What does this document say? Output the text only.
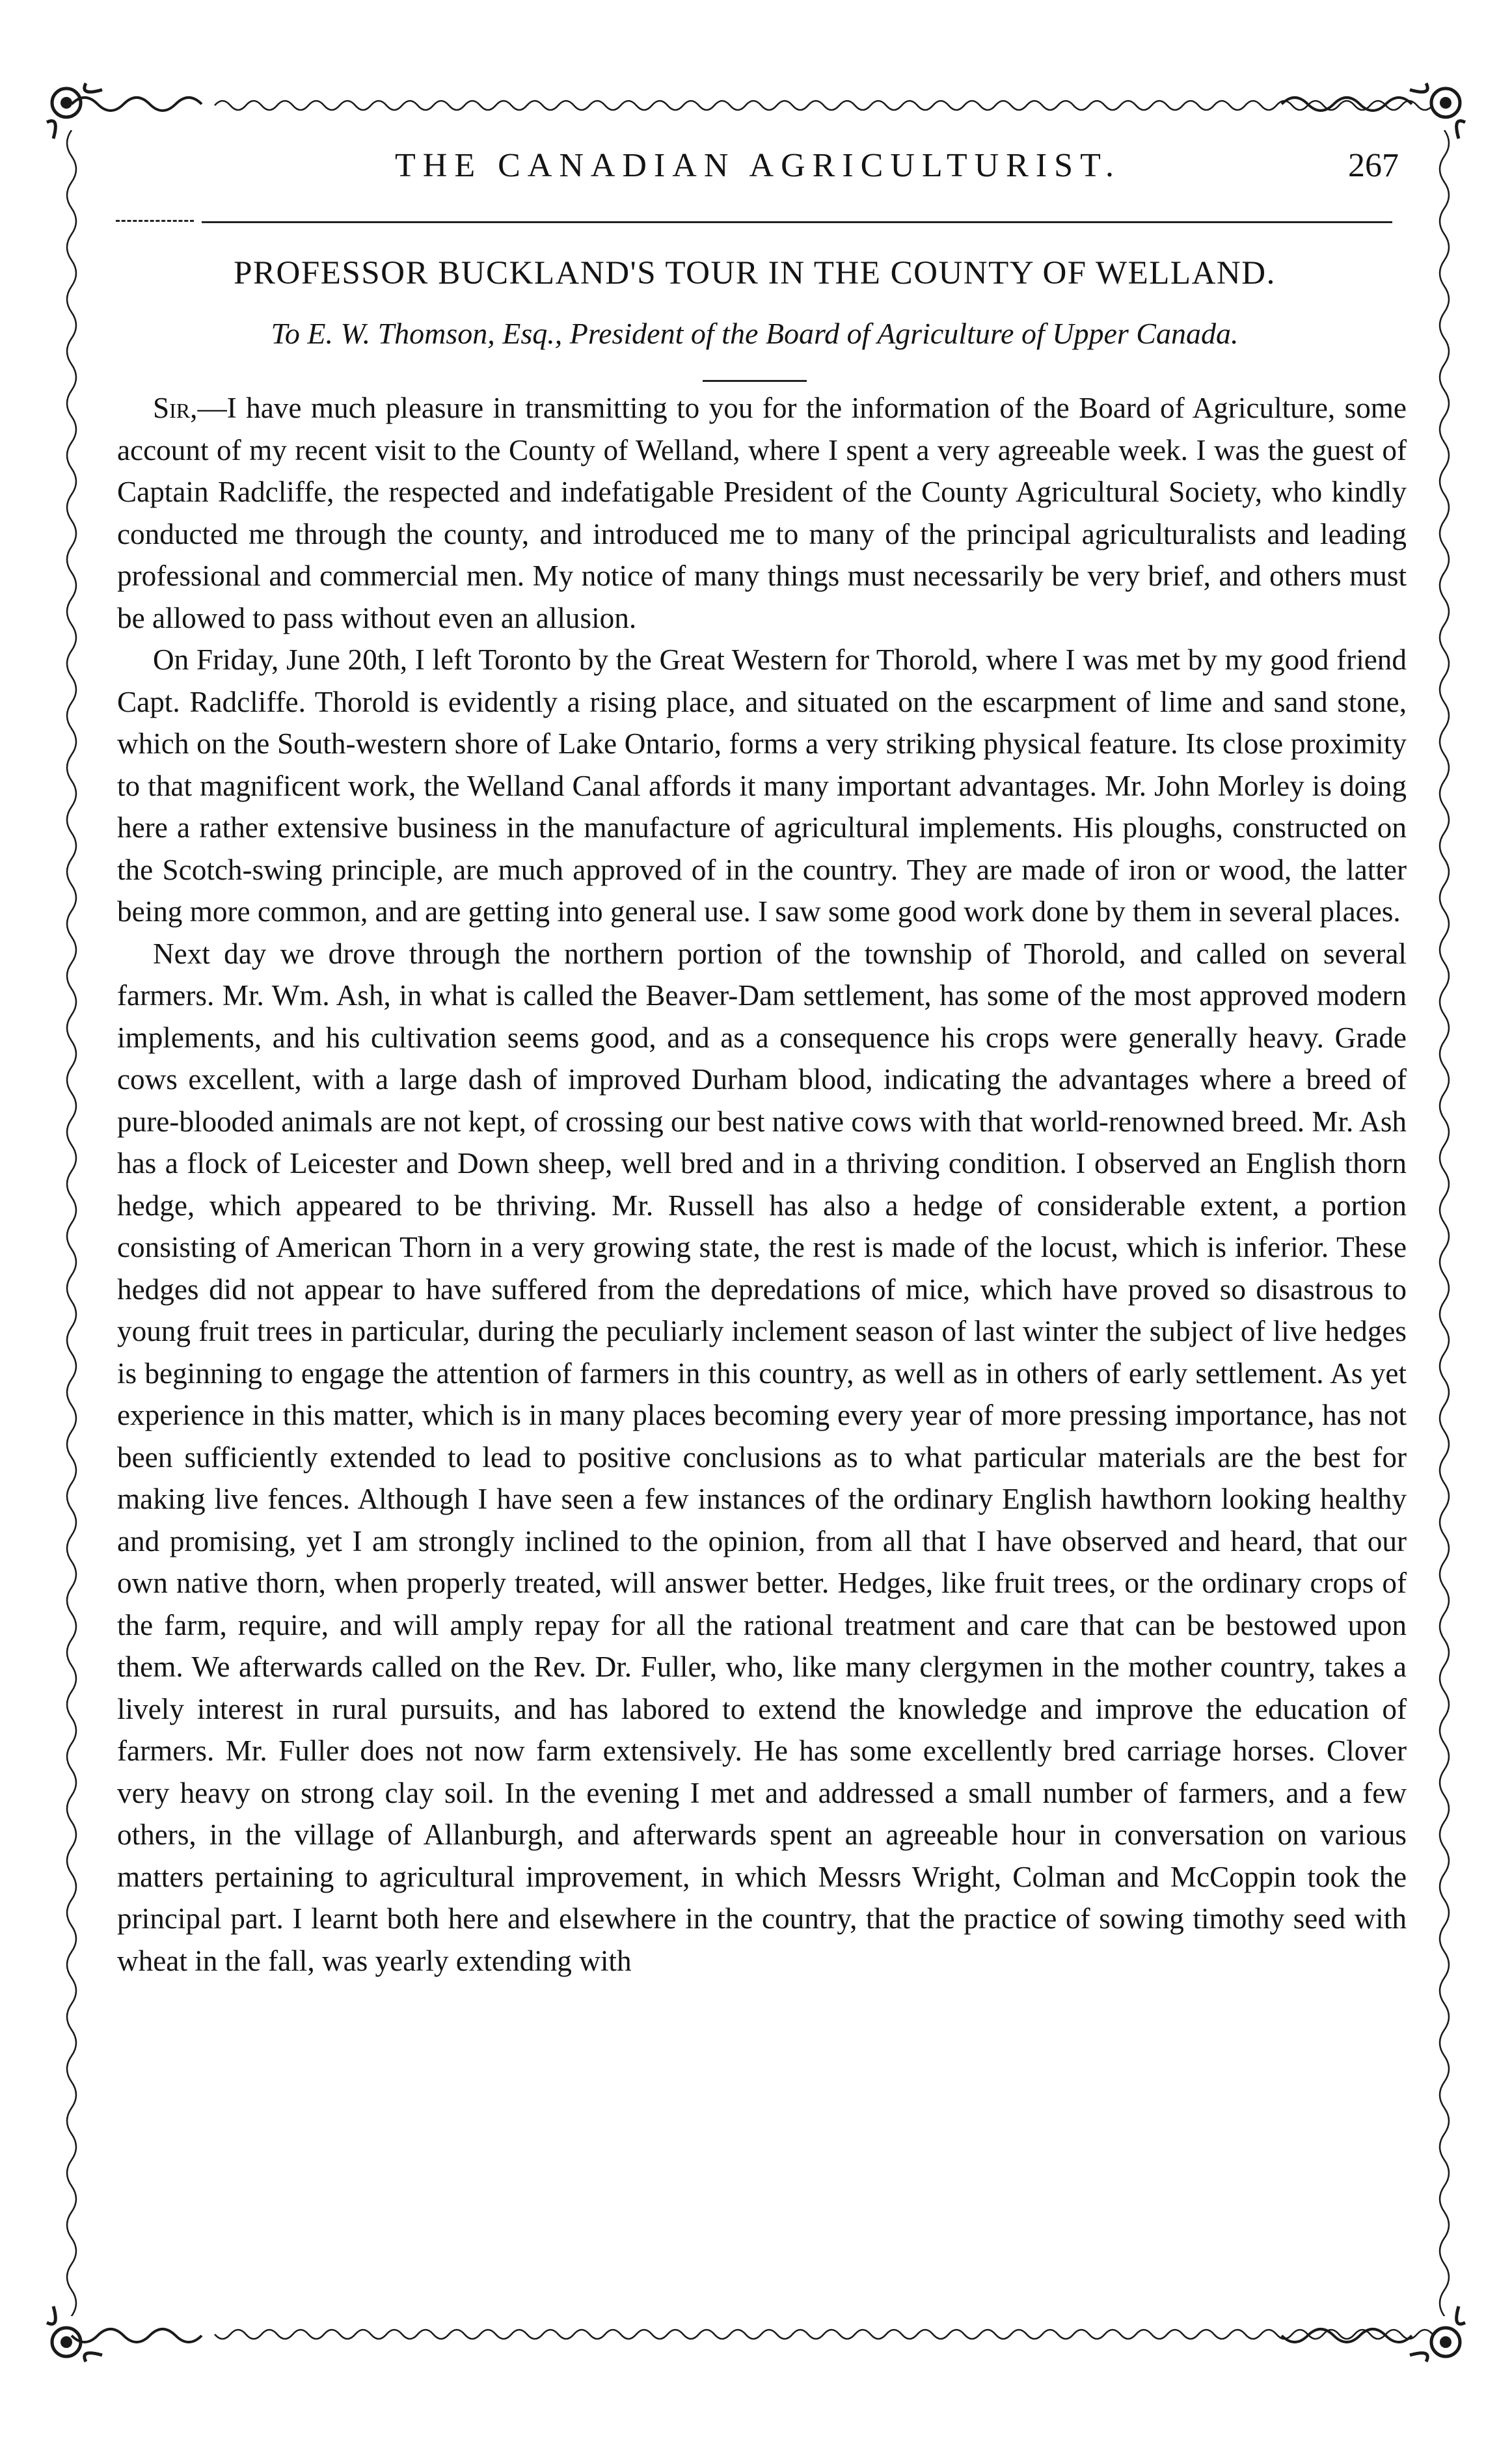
THE CANADIAN AGRICULTURIST.	267
PROFESSOR BUCKLAND'S TOUR IN THE COUNTY OF WELLAND.
To E. W. Thomson, Esq., President of the Board of Agriculture of Upper Canada.

Sir,—I have much pleasure in transmitting to you for the information of the Board of Agriculture, some account of my recent visit to the County of Welland, where I spent a very agreeable week. I was the guest of Captain Radcliffe, the respected and indefatigable President of the County Agricultural Society, who kindly conducted me through the county, and introduced me to many of the principal agriculturalists and leading professional and commercial men. My notice of many things must necessarily be very brief, and others must be allowed to pass without even an allusion.

On Friday, June 20th, I left Toronto by the Great Western for Thorold, where I was met by my good friend Capt. Radcliffe. Thorold is evidently a rising place, and situated on the escarpment of lime and sand stone, which on the South-western shore of Lake Ontario, forms a very striking physical feature. Its close proximity to that magnificent work, the Welland Canal affords it many important advantages. Mr. John Morley is doing here a rather extensive business in the manufacture of agricultural implements. His ploughs, constructed on the Scotch-swing principle, are much approved of in the country. They are made of iron or wood, the latter being more common, and are getting into general use. I saw some good work done by them in several places.

Next day we drove through the northern portion of the township of Thorold, and called on several farmers. Mr. Wm. Ash, in what is called the Beaver-Dam settlement, has some of the most approved modern implements, and his cultivation seems good, and as a consequence his crops were generally heavy. Grade cows excellent, with a large dash of improved Durham blood, indicating the advantages where a breed of pure-blooded animals are not kept, of crossing our best native cows with that world-renowned breed. Mr. Ash has a flock of Leicester and Down sheep, well bred and in a thriving condition. I observed an English thorn hedge, which appeared to be thriving. Mr. Russell has also a hedge of considerable extent, a portion consisting of American Thorn in a very growing state, the rest is made of the locust, which is inferior. These hedges did not appear to have suffered from the depredations of mice, which have proved so disastrous to young fruit trees in particular, during the peculiarly inclement season of last winter the subject of live hedges is beginning to engage the attention of farmers in this country, as well as in others of early settlement. As yet experience in this matter, which is in many places becoming every year of more pressing importance, has not been sufficiently extended to lead to positive conclusions as to what particular materials are the best for making live fences. Although I have seen a few instances of the ordinary English hawthorn looking healthy and promising, yet I am strongly inclined to the opinion, from all that I have observed and heard, that our own native thorn, when properly treated, will answer better. Hedges, like fruit trees, or the ordinary crops of the farm, require, and will amply repay for all the rational treatment and care that can be bestowed upon them. We afterwards called on the Rev. Dr. Fuller, who, like many clergymen in the mother country, takes a lively interest in rural pursuits, and has labored to extend the knowledge and improve the education of farmers. Mr. Fuller does not now farm extensively. He has some excellently bred carriage horses. Clover very heavy on strong clay soil. In the evening I met and addressed a small number of farmers, and a few others, in the village of Allanburgh, and afterwards spent an agreeable hour in conversation on various matters pertaining to agricultural improvement, in which Messrs Wright, Colman and McCoppin took the principal part. I learnt both here and elsewhere in the country, that the practice of sowing timothy seed with wheat in the fall, was yearly extending with
